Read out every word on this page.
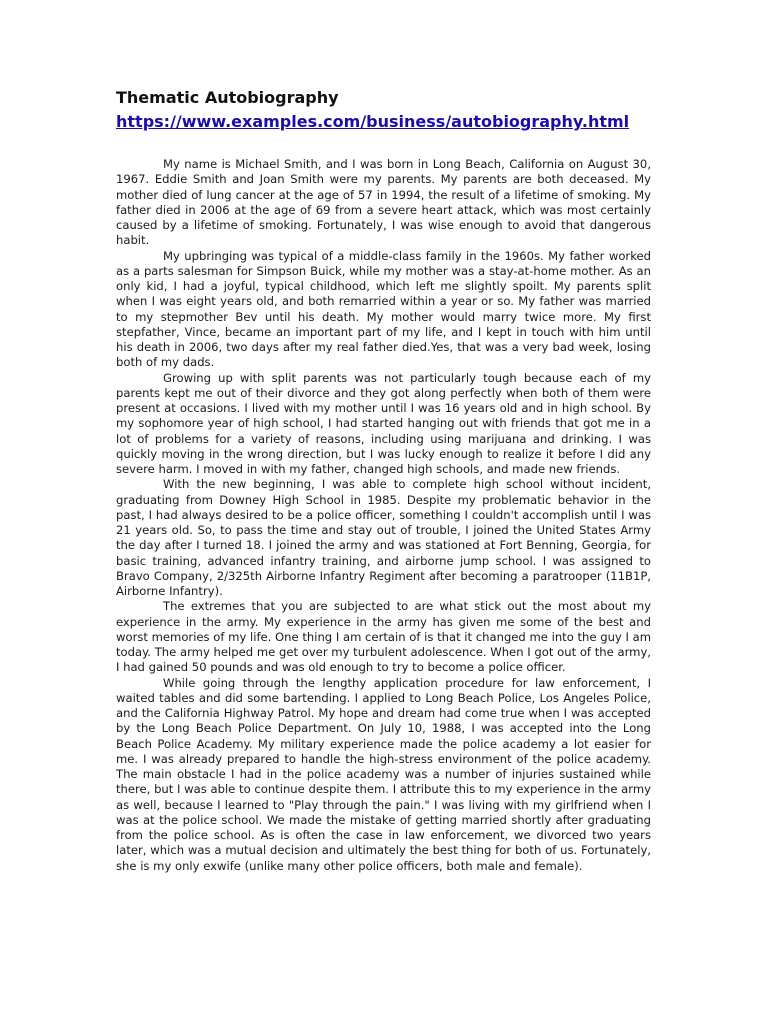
Thematic Autobiography
https://www.examples.com/business/autobiography.html

My name is Michael Smith, and I was born in Long Beach, California on August 30, 1967. Eddie Smith and Joan Smith were my parents. My parents are both deceased. My mother died of lung cancer at the age of 57 in 1994, the result of a lifetime of smoking. My father died in 2006 at the age of 69 from a severe heart attack, which was most certainly caused by a lifetime of smoking. Fortunately, I was wise enough to avoid that dangerous habit.

My upbringing was typical of a middle-class family in the 1960s. My father worked as a parts salesman for Simpson Buick, while my mother was a stay-at-home mother. As an only kid, I had a joyful, typical childhood, which left me slightly spoilt. My parents split when I was eight years old, and both remarried within a year or so. My father was married to my stepmother Bev until his death. My mother would marry twice more. My first stepfather, Vince, became an important part of my life, and I kept in touch with him until his death in 2006, two days after my real father died.Yes, that was a very bad week, losing both of my dads.

Growing up with split parents was not particularly tough because each of my parents kept me out of their divorce and they got along perfectly when both of them were present at occasions. I lived with my mother until I was 16 years old and in high school. By my sophomore year of high school, I had started hanging out with friends that got me in a lot of problems for a variety of reasons, including using marijuana and drinking. I was quickly moving in the wrong direction, but I was lucky enough to realize it before I did any severe harm. I moved in with my father, changed high schools, and made new friends.

With the new beginning, I was able to complete high school without incident, graduating from Downey High School in 1985. Despite my problematic behavior in the past, I had always desired to be a police officer, something I couldn't accomplish until I was 21 years old. So, to pass the time and stay out of trouble, I joined the United States Army the day after I turned 18. I joined the army and was stationed at Fort Benning, Georgia, for basic training, advanced infantry training, and airborne jump school. I was assigned to Bravo Company, 2/325th Airborne Infantry Regiment after becoming a paratrooper (11B1P, Airborne Infantry).

The extremes that you are subjected to are what stick out the most about my experience in the army. My experience in the army has given me some of the best and worst memories of my life. One thing I am certain of is that it changed me into the guy I am today. The army helped me get over my turbulent adolescence. When I got out of the army, I had gained 50 pounds and was old enough to try to become a police officer.

While going through the lengthy application procedure for law enforcement, I waited tables and did some bartending. I applied to Long Beach Police, Los Angeles Police, and the California Highway Patrol. My hope and dream had come true when I was accepted by the Long Beach Police Department. On July 10, 1988, I was accepted into the Long Beach Police Academy. My military experience made the police academy a lot easier for me. I was already prepared to handle the high-stress environment of the police academy. The main obstacle I had in the police academy was a number of injuries sustained while there, but I was able to continue despite them. I attribute this to my experience in the army as well, because I learned to "Play through the pain." I was living with my girlfriend when I was at the police school. We made the mistake of getting married shortly after graduating from the police school. As is often the case in law enforcement, we divorced two years later, which was a mutual decision and ultimately the best thing for both of us. Fortunately, she is my only exwife (unlike many other police officers, both male and female).
